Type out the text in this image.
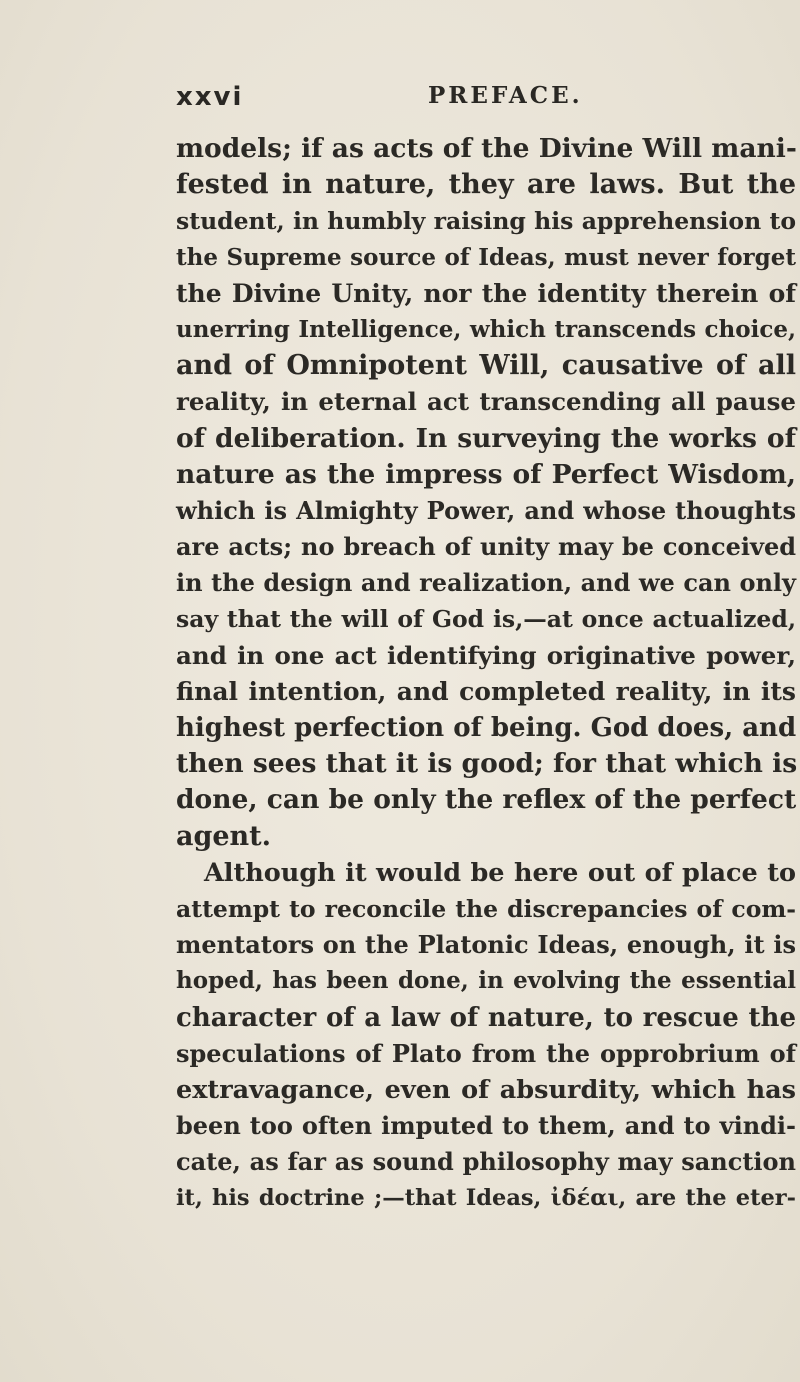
xxvi	PREFACE.
models; if as acts of the Divine Will mani-
fested in nature, they are laws. But the
student, in humbly raising his apprehension to
the Supreme source of Ideas, must never forget
the Divine Unity, nor the identity therein of
unerring Intelligence, which transcends choice,
and of Omnipotent Will, causative of all
reality, in eternal act transcending all pause
of deliberation. In surveying the works of
nature as the impress of Perfect Wisdom,
which is Almighty Power, and whose thoughts
are acts; no breach of unity may be conceived
in the design and realization, and we can only
say that the will of God is,—at once actualized,
and in one act identifying originative power,
final intention, and completed reality, in its
highest perfection of being. God does, and
then sees that it is good; for that which is
done, can be only the reflex of the perfect
agent.
Although it would be here out of place to
attempt to reconcile the discrepancies of com-
mentators on the Platonic Ideas, enough, it is
hoped, has been done, in evolving the essential
character of a law of nature, to rescue the
speculations of Plato from the opprobrium of
extravagance, even of absurdity, which has
been too often imputed to them, and to vindi-
cate, as far as sound philosophy may sanction
it, his doctrine ;—that Ideas, ἰδέαι, are the eter-
